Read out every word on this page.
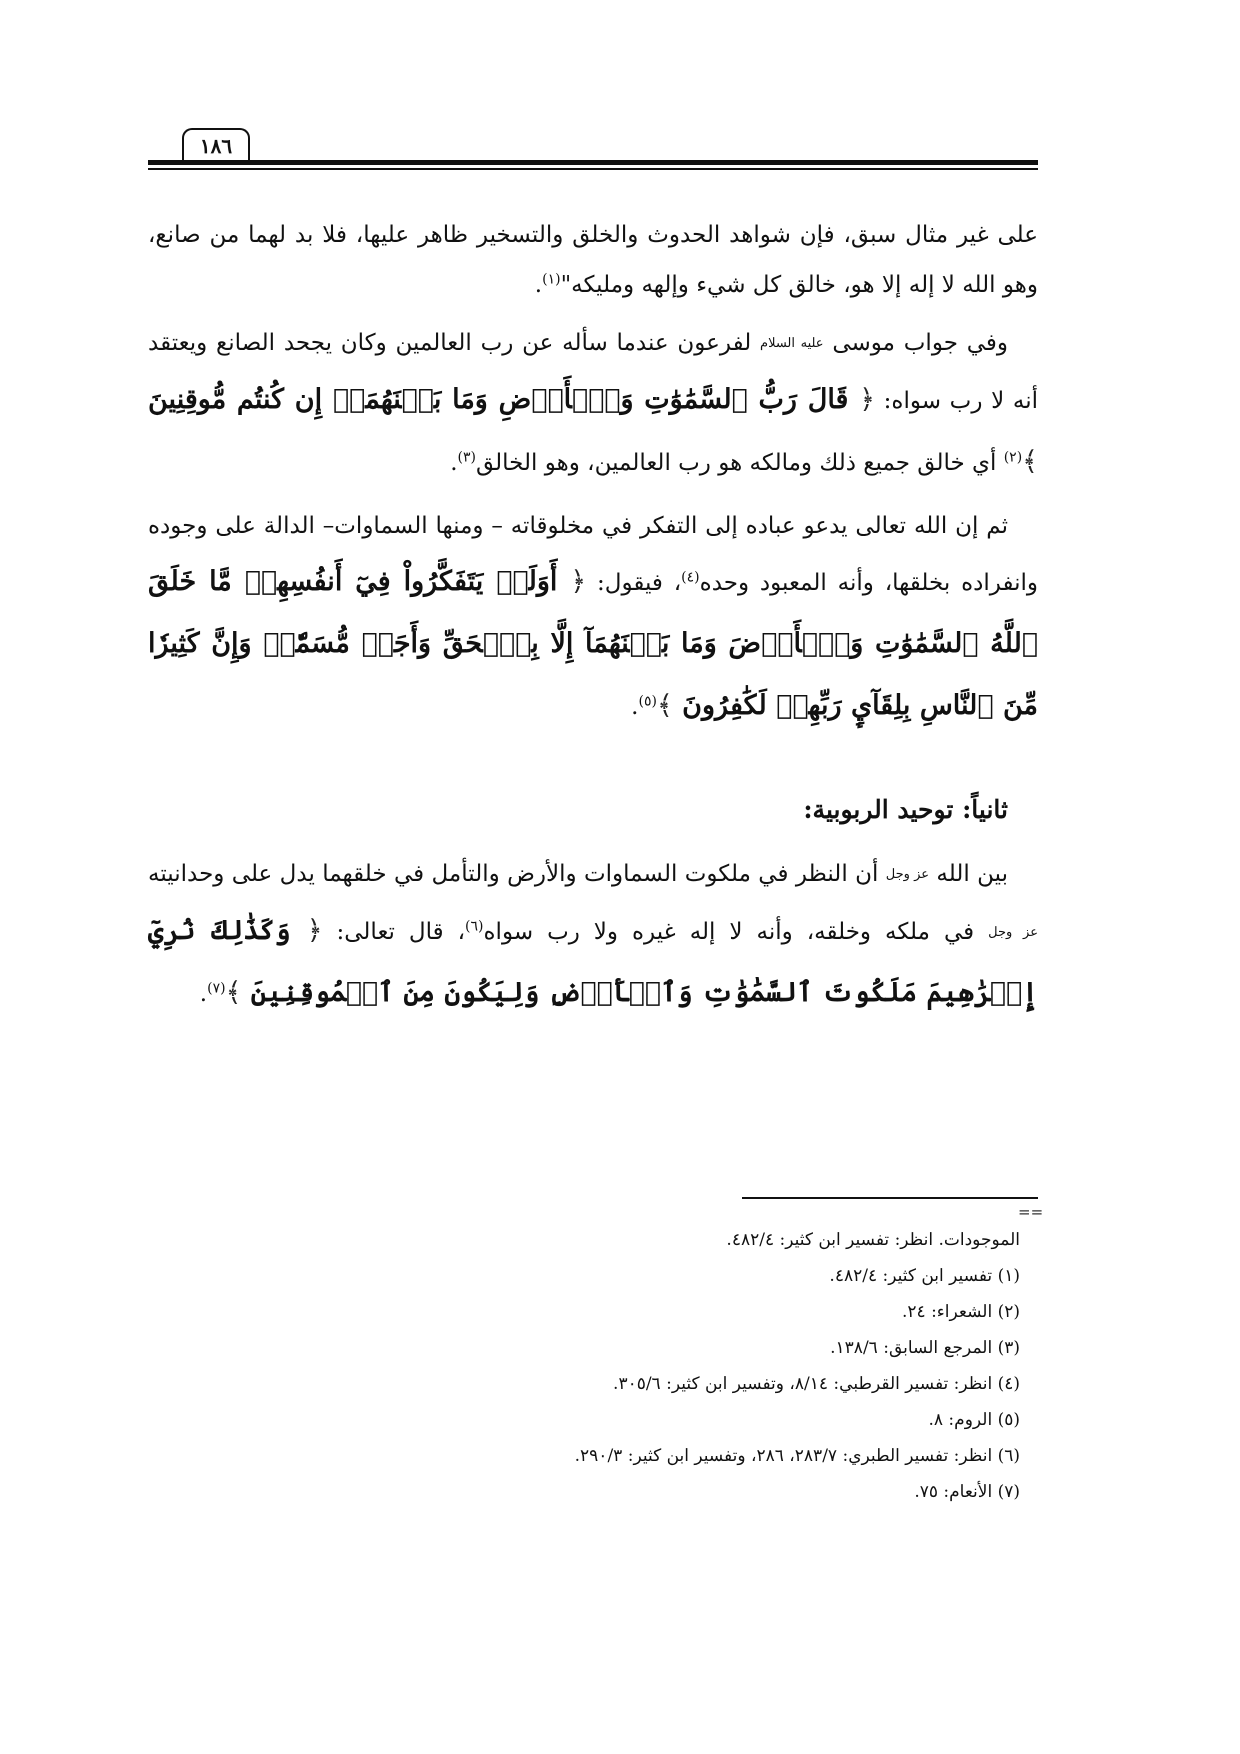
١٨٦

على غير مثال سبق، فإن شواهد الحدوث والخلق والتسخير ظاهر عليها، فلا بد لهما من صانع، وهو الله لا إله إلا هو، خالق كل شيء وإلهه ومليكه"$^{(١)}$.

وفي جواب موسى عليه السلام لفرعون عندما سأله عن رب العالمين وكان يجحد الصانع ويعتقد أنه لا رب سواه: ﴿ قَالَ رَبُّ ٱلسَّمَٰوَٰتِ وَٱلۡأَرۡضِ وَمَا بَيۡنَهُمَآۖ إِن كُنتُم مُّوقِنِينَ ﴾$^{(٢)}$ أي خالق جميع ذلك ومالكه هو رب العالمين، وهو الخالق$^{(٣)}$.

ثم إن الله تعالى يدعو عباده إلى التفكر في مخلوقاته – ومنها السماوات– الدالة على وجوده وانفراده بخلقها، وأنه المعبود وحده$^{(٤)}$، فيقول: ﴿ أَوَلَمۡ يَتَفَكَّرُواْ فِيٓ أَنفُسِهِمۗ مَّا خَلَقَ ٱللَّهُ ٱلسَّمَٰوَٰتِ وَٱلۡأَرۡضَ وَمَا بَيۡنَهُمَآ إِلَّا بِٱلۡحَقِّ وَأَجَلٖ مُّسَمّٗىۗ وَإِنَّ كَثِيرٗا مِّنَ ٱلنَّاسِ بِلِقَآيِٕ رَبِّهِمۡ لَكَٰفِرُونَ ﴾$^{(٥)}$.

ثانياً: توحيد الربوبية:

بين الله عز وجل أن النظر في ملكوت السماوات والأرض والتأمل في خلقهما يدل على وحدانيته عز وجل في ملكه وخلقه، وأنه لا إله غيره ولا رب سواه$^{(٦)}$، قال تعالى: ﴿ وَكَذَٰلِكَ نُرِيٓ إِبۡرَٰهِيمَ مَلَكُوتَ ٱلسَّمَٰوَٰتِ وَٱلۡأَرۡضِ وَلِيَكُونَ مِنَ ٱلۡمُوقِنِينَ ﴾$^{(٧)}$.

==

الموجودات. انظر: تفسير ابن كثير: ٤٨٢/٤.

(١) تفسير ابن كثير: ٤٨٢/٤.

(٢) الشعراء: ٢٤.

(٣) المرجع السابق: ١٣٨/٦.

(٤) انظر: تفسير القرطبي: ٨/١٤، وتفسير ابن كثير: ٣٠٥/٦.

(٥) الروم: ٨.

(٦) انظر: تفسير الطبري: ٢٨٣/٧، ٢٨٦، وتفسير ابن كثير: ٢٩٠/٣.

(٧) الأنعام: ٧٥.
